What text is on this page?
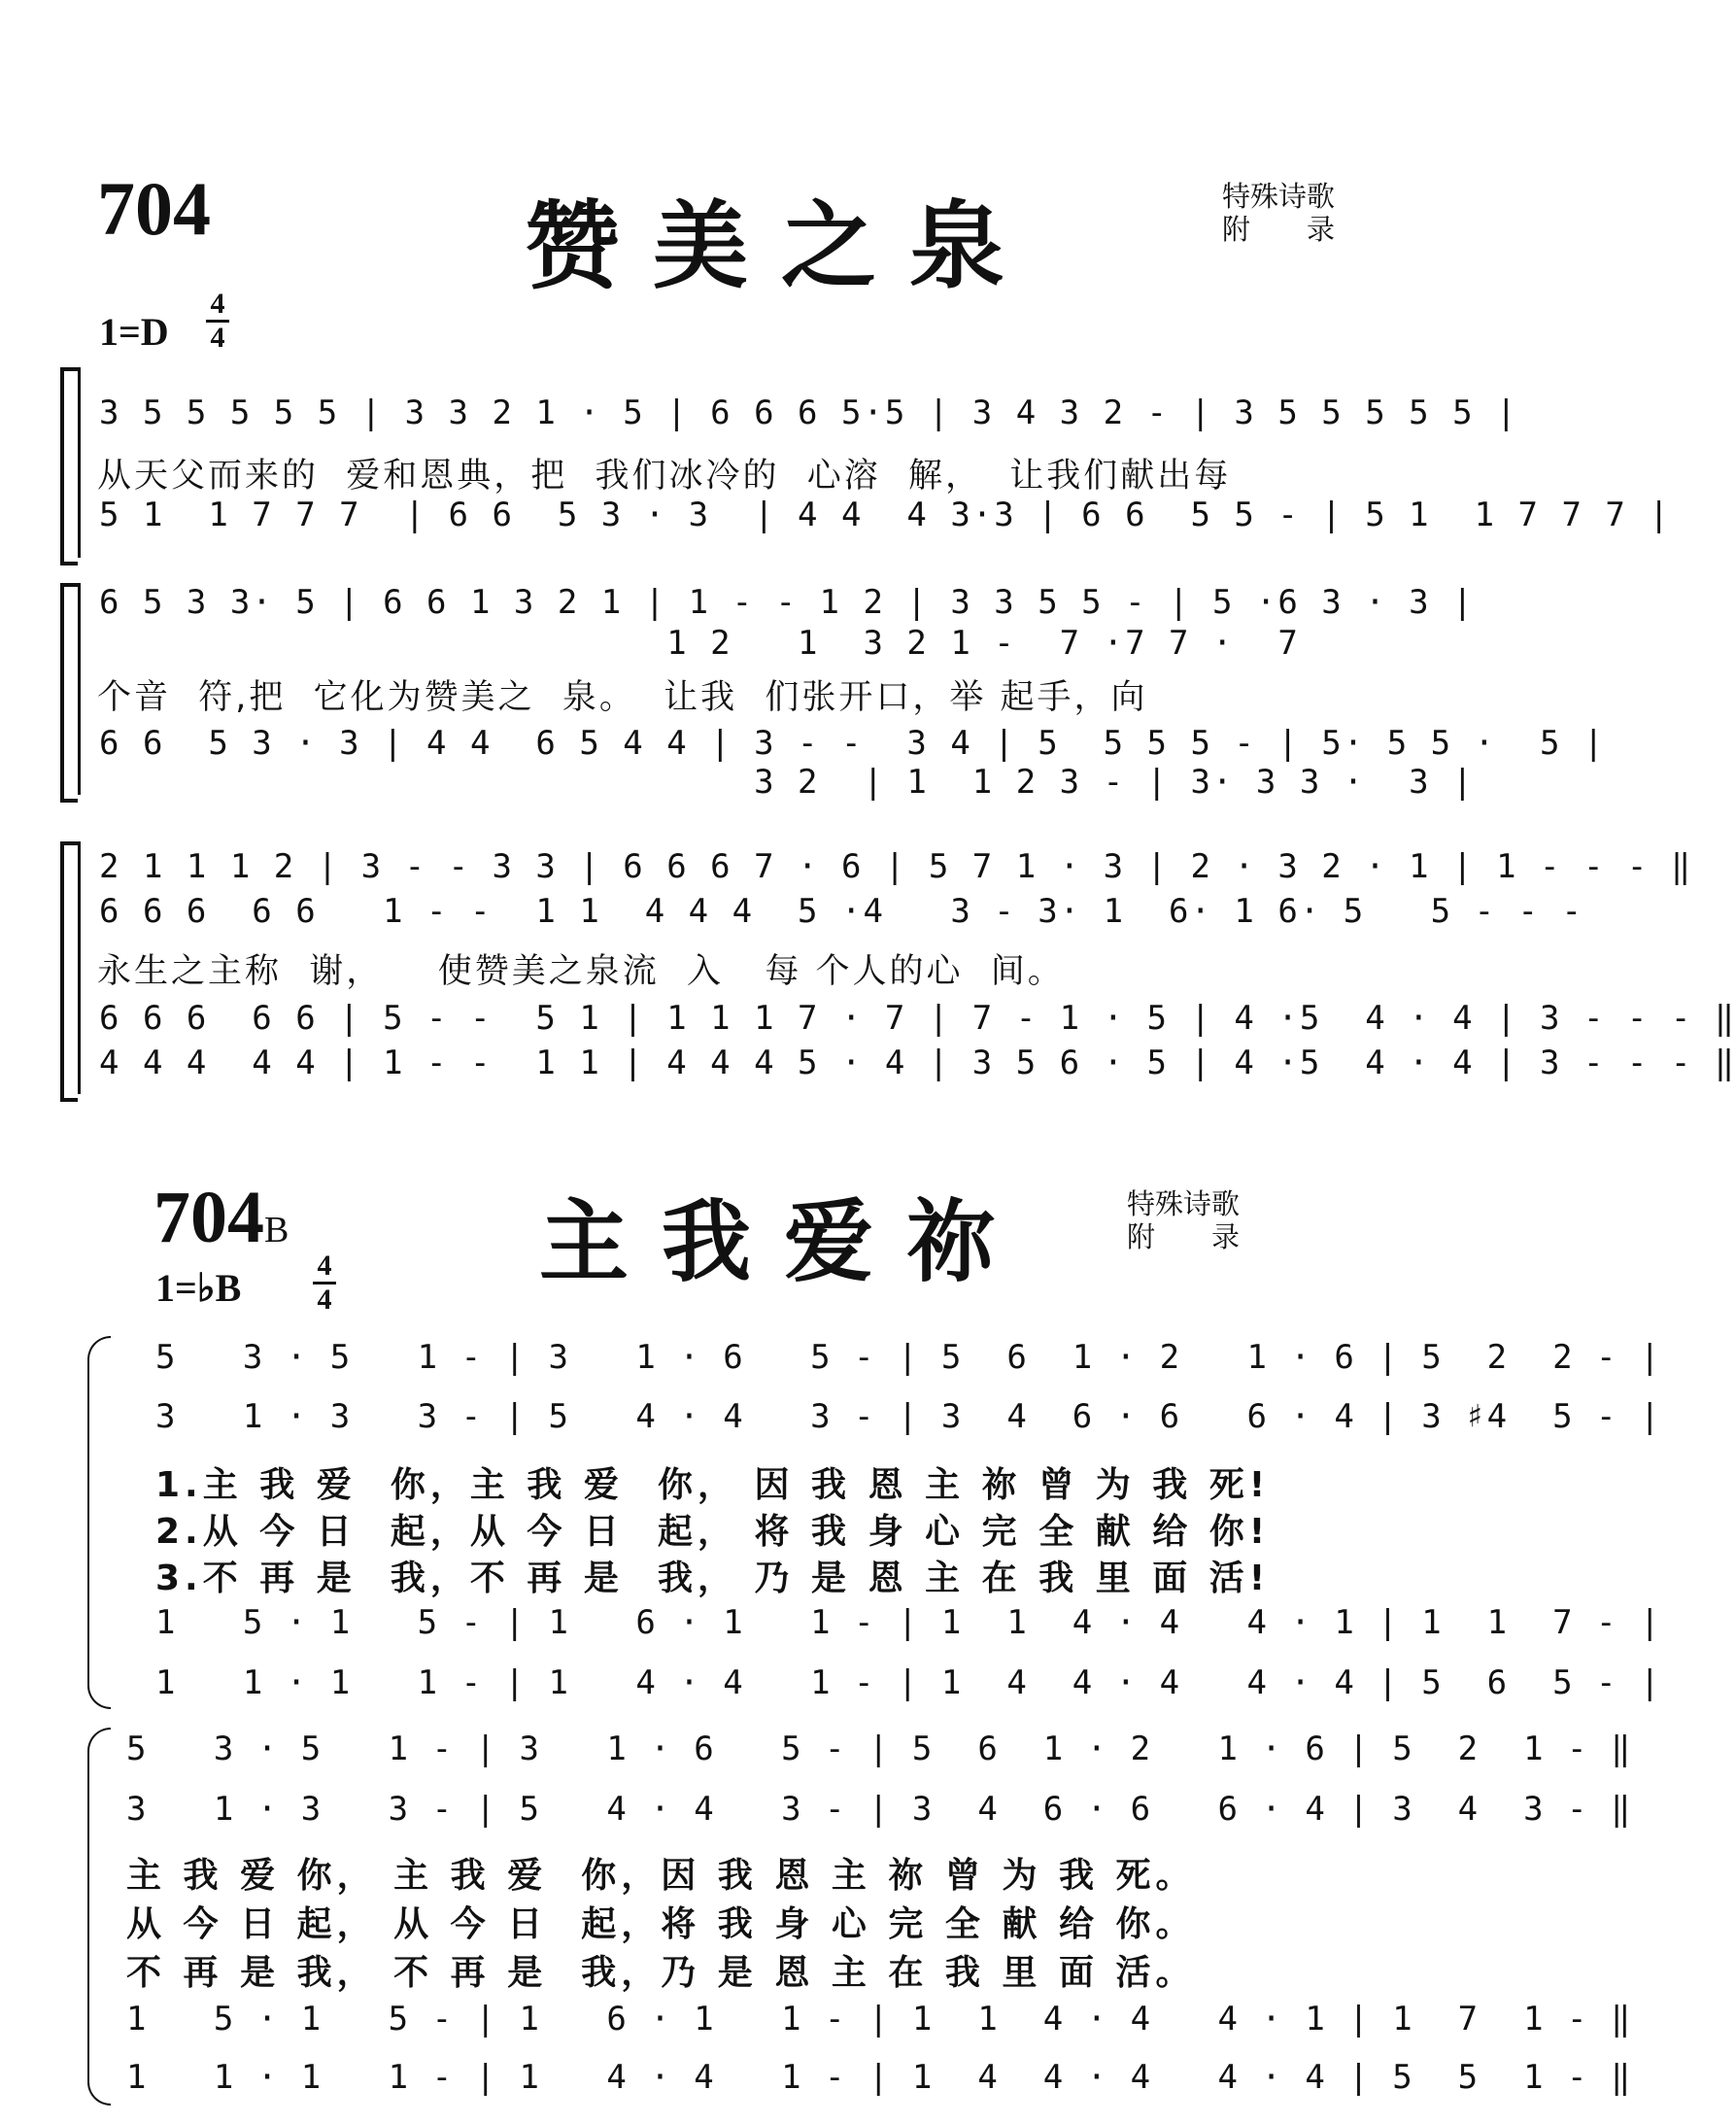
704	赞美之泉	特殊诗歌
附　　录
1=D
4
4
3 5 5 5 5 5 | 3 3 2 1 · 5 | 6 6 6 5·5 | 3 4 3 2 - | 3 5 5 5 5 5 |
从天父而来的  爱和恩典，把  我们冰冷的  心溶  解，  让我们献出每
5 1  1 7 7 7  | 6 6  5 3 · 3  | 4 4  4 3·3 | 6 6  5 5 - | 5 1  1 7 7 7 |
6 5 3 3· 5 | 6 6 1 3 2 1 | 1 - - 1 2 | 3 3 5 5 - | 5 ·6 3 · 3 |
1 2   1  3 2 1 -  7 ·7 7 ·  7
个音  符,把  它化为赞美之  泉。  让我  们张开口，举 起手，向
6 6  5 3 · 3 | 4 4  6 5 4 4 | 3 - -  3 4 | 5  5 5 5 - | 5· 5 5 ·  5 |
3 2  | 1  1 2 3 - | 3· 3 3 ·  3 |
2 1 1 1 2 | 3 - - 3 3 | 6 6 6 7 · 6 | 5 7 1 · 3 | 2 · 3 2 · 1 | 1 - - - ‖
6 6 6  6 6   1 - -  1 1  4 4 4  5 ·4   3 - 3· 1  6· 1 6· 5   5 - - -
永生之主称  谢，    使赞美之泉流  入   每 个人的心  间。
6 6 6  6 6 | 5 - -  5 1 | 1 1 1 7 · 7 | 7 - 1 · 5 | 4 ·5  4 · 4 | 3 - - - ‖
4 4 4  4 4 | 1 - -  1 1 | 4 4 4 5 · 4 | 3 5 6 · 5 | 4 ·5  4 · 4 | 3 - - - ‖
704B	主我爱祢	特殊诗歌
附　　录
1=♭B
4
4
5   3 · 5   1 - | 3   1 · 6   5 - | 5  6  1 · 2   1 · 6 | 5  2  2 - |
3   1 · 3   3 - | 5   4 · 4   3 - | 3  4  6 · 6   6 · 4 | 3 ♯4  5 - |
1.主 我 爱  你，主 我 爱  你， 因 我 恩 主 祢 曾 为 我 死!
2.从 今 日  起，从 今 日  起， 将 我 身 心 完 全 献 给 你!
3.不 再 是  我，不 再 是  我， 乃 是 恩 主 在 我 里 面 活!
1   5 · 1   5 - | 1   6 · 1   1 - | 1  1  4 · 4   4 · 1 | 1  1  7 - |
1   1 · 1   1 - | 1   4 · 4   1 - | 1  4  4 · 4   4 · 4 | 5  6  5 - |
5   3 · 5   1 - | 3   1 · 6   5 - | 5  6  1 · 2   1 · 6 | 5  2  1 - ‖
3   1 · 3   3 - | 5   4 · 4   3 - | 3  4  6 · 6   6 · 4 | 3  4  3 - ‖
主 我 爱 你， 主 我 爱  你，因 我 恩 主 祢 曾 为 我 死。
从 今 日 起， 从 今 日  起，将 我 身 心 完 全 献 给 你。
不 再 是 我， 不 再 是  我，乃 是 恩 主 在 我 里 面 活。
1   5 · 1   5 - | 1   6 · 1   1 - | 1  1  4 · 4   4 · 1 | 1  7  1 - ‖
1   1 · 1   1 - | 1   4 · 4   1 - | 1  4  4 · 4   4 · 4 | 5  5  1 - ‖
